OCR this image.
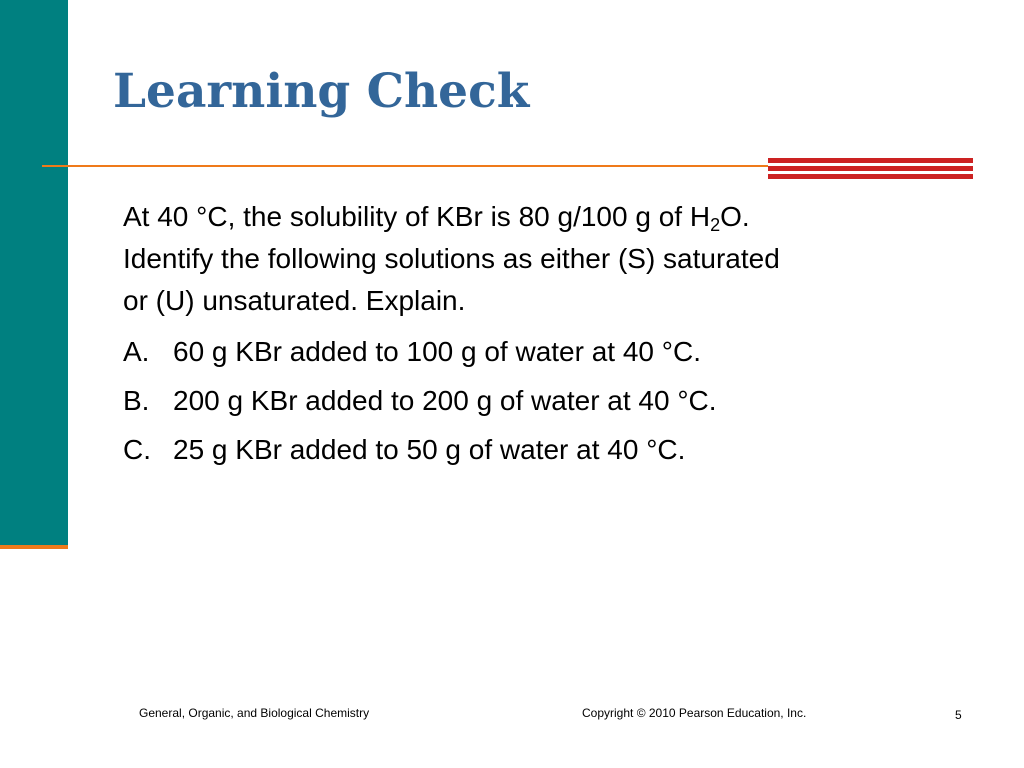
Learning Check

At 40 °C, the solubility of KBr is 80 g/100 g of $H_2O$.
Identify the following solutions as either (S) saturated
or (U) unsaturated. Explain.

A. 60 g KBr added to 100 g of water at 40 °C.

B. 200 g KBr added to 200 g of water at 40 °C.

C. 25 g KBr added to 50 g of water at 40 °C.

General, Organic, and Biological Chemistry	Copyright © 2010 Pearson Education, Inc.	5
